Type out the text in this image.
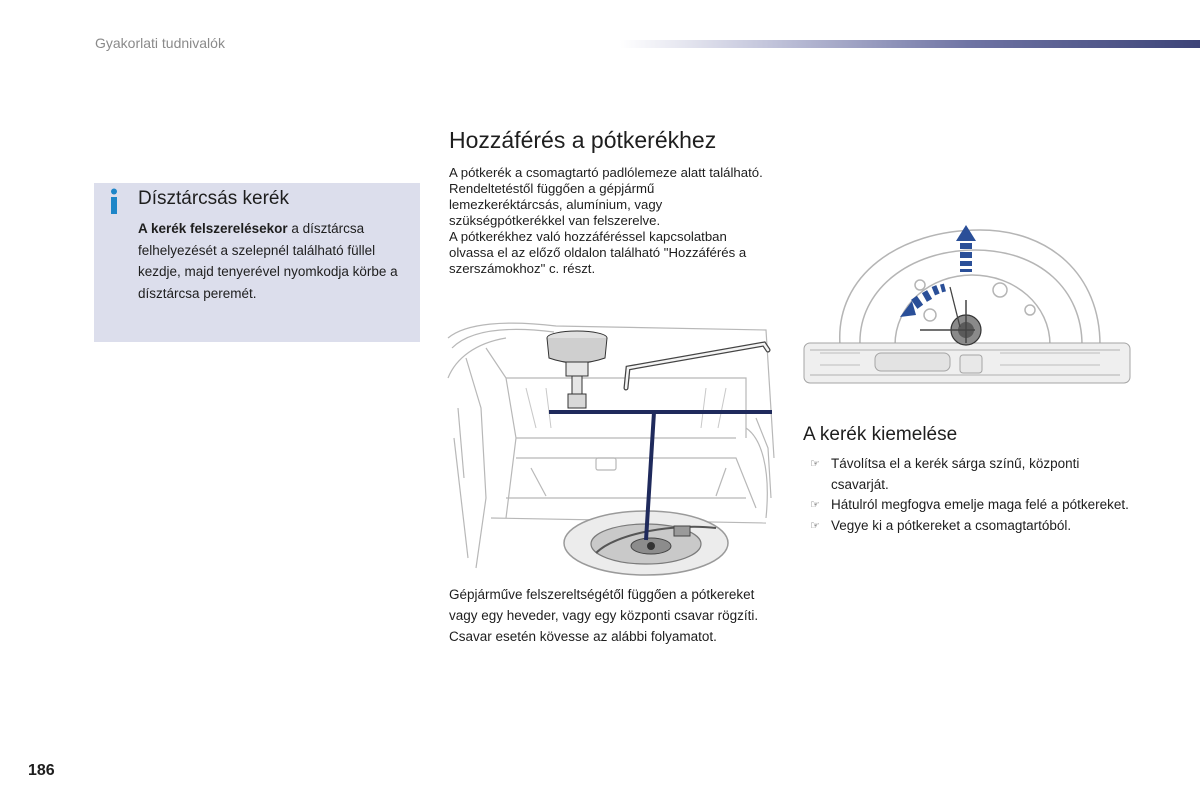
Gyakorlati tudnivalók
Dísztárcsás kerék
A kerék felszerelésekor a dísztárcsa felhelyezését a szelepnél található füllel kezdje, majd tenyerével nyomkodja körbe a dísztárcsa peremét.
Hozzáférés a pótkerékhez

A pótkerék a csomagtartó padlólemeze alatt található.

Rendeltetéstől függően a gépjármű lemezkeréktárcsás, alumínium, vagy szükségpótkerékkel van felszerelve.

A pótkerékhez való hozzáféréssel kapcsolatban olvassa el az előző oldalon található "Hozzáférés a szerszámokhoz" c. részt.

Gépjárműve felszereltségétől függően a pótkereket vagy egy heveder, vagy egy központi csavar rögzíti. Csavar esetén kövesse az alábbi folyamatot.
A kerék kiemelése
☞ Távolítsa el a kerék sárga színű, központi csavarját.
☞ Hátulról megfogva emelje maga felé a pótkereket.
☞ Vegye ki a pótkereket a csomagtartóból.
186
